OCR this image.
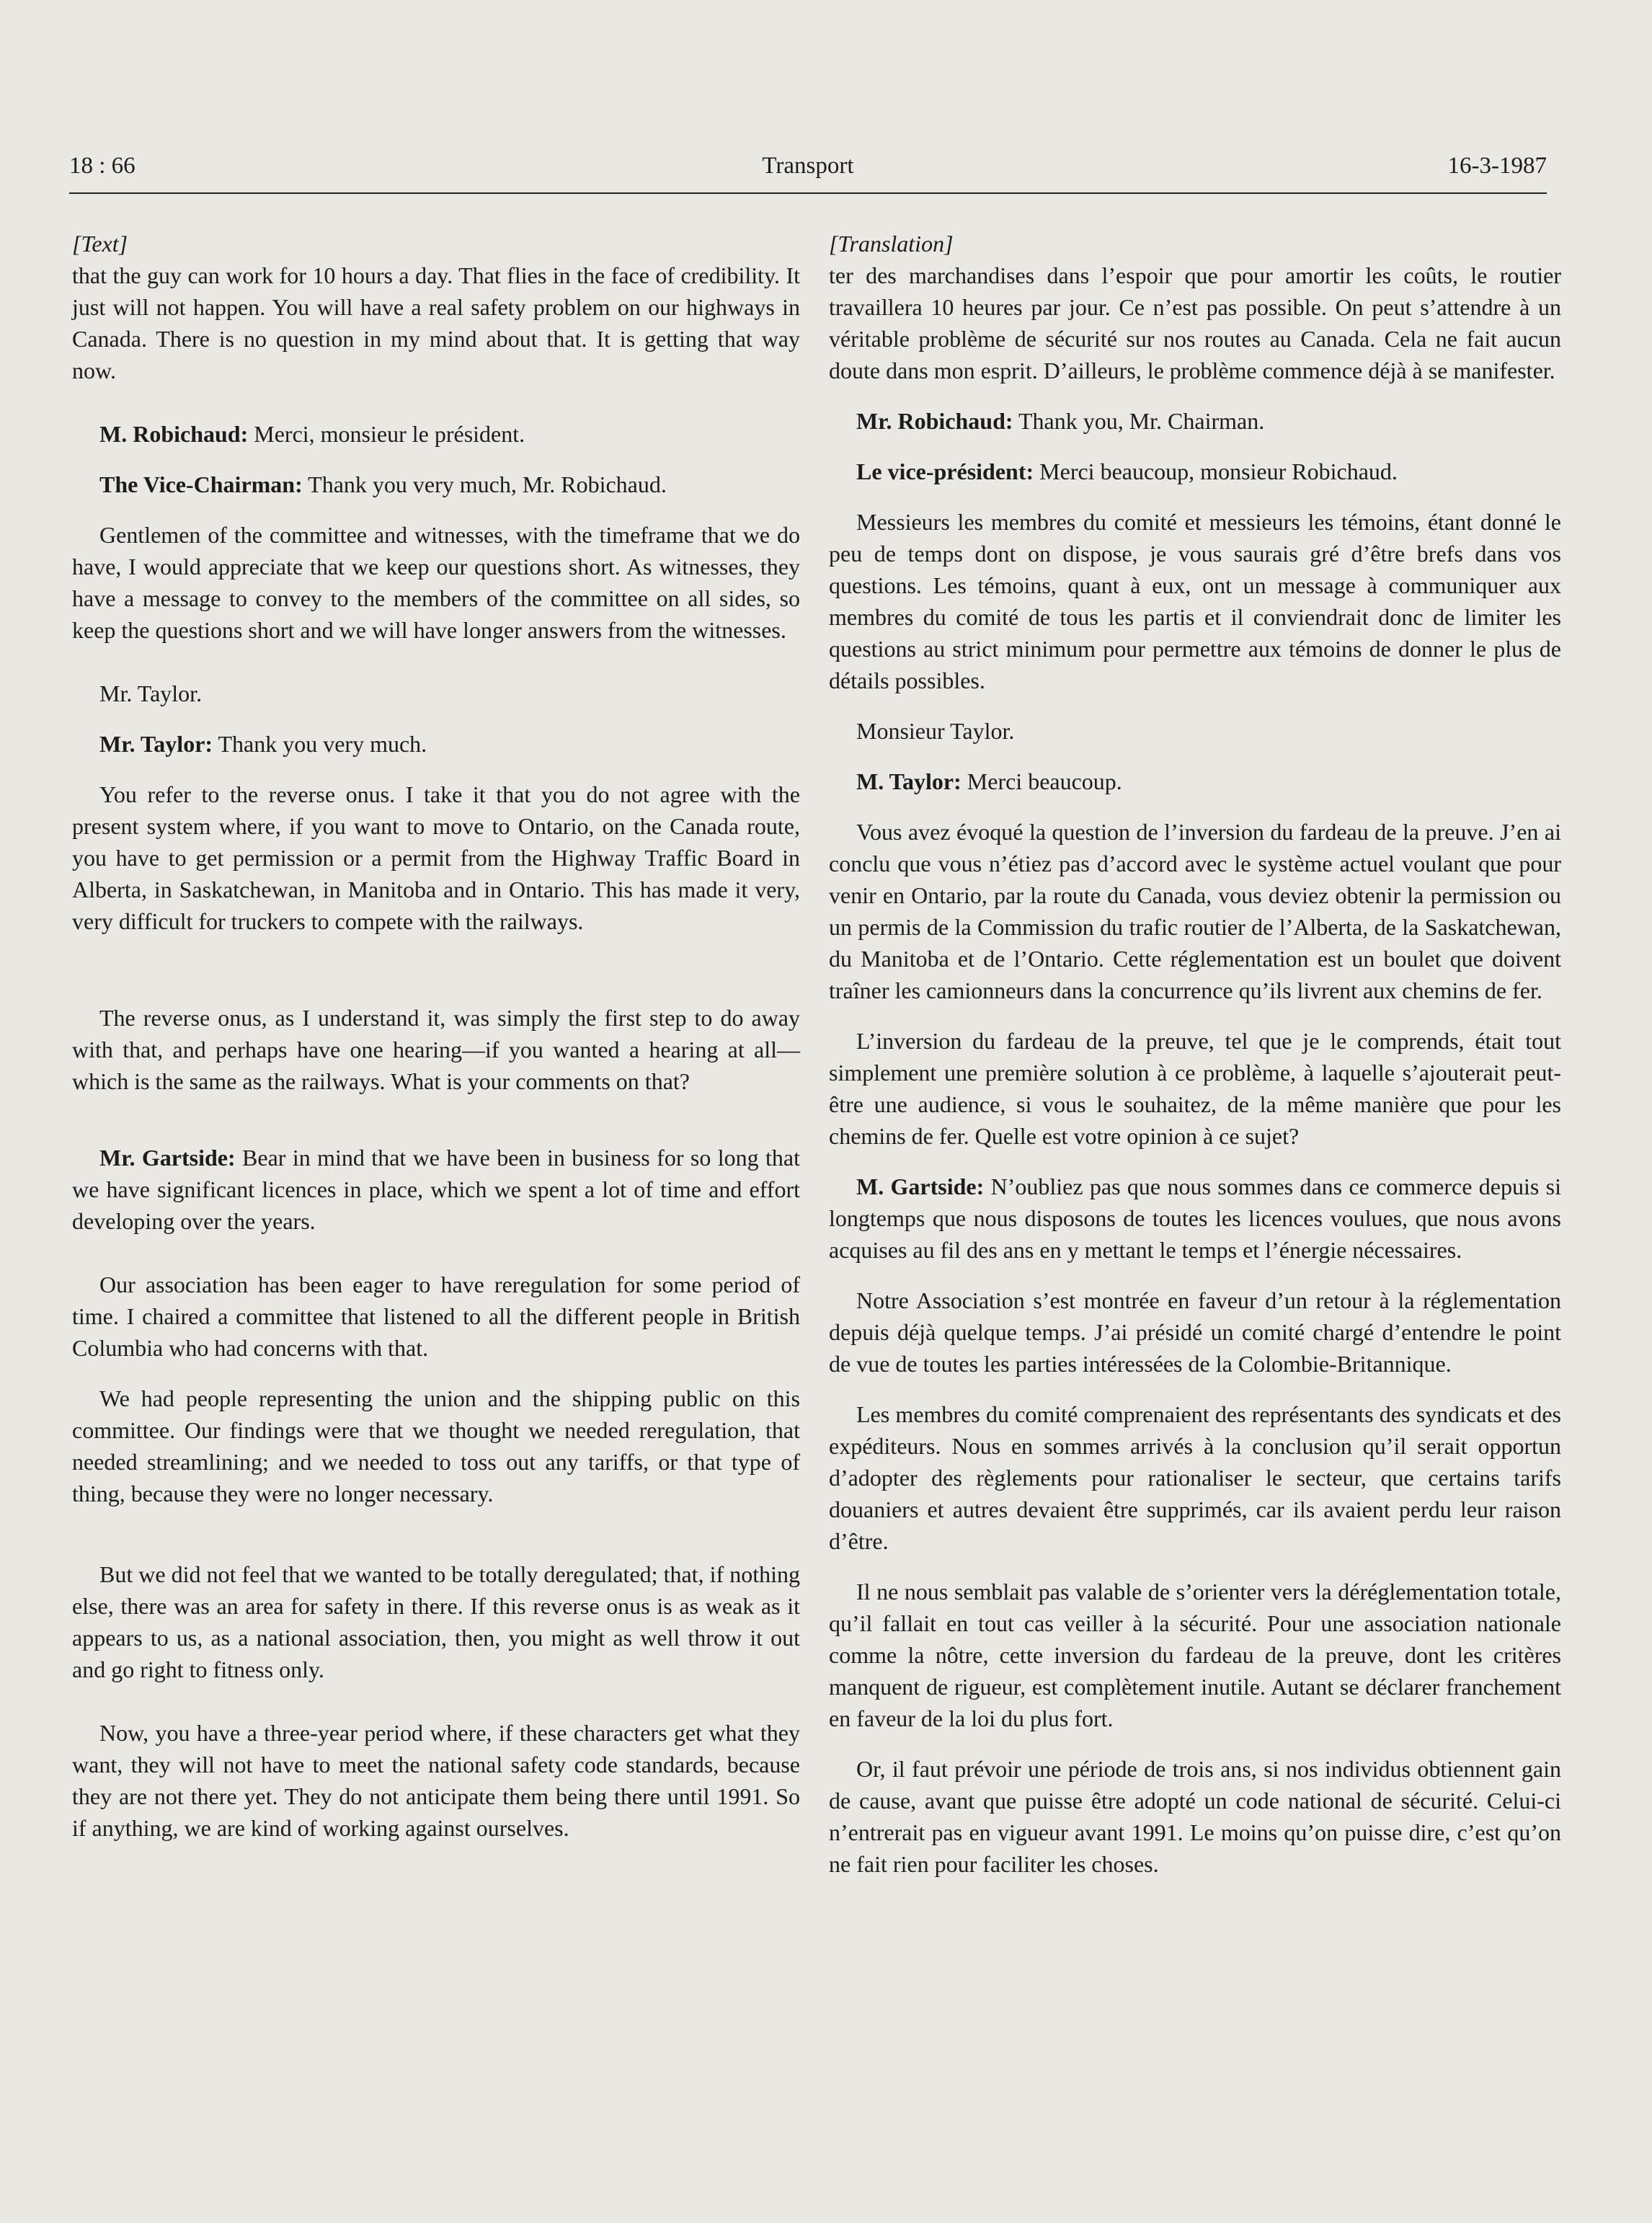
18 : 66	Transport	16-3-1987

[Text]

that the guy can work for 10 hours a day. That flies in the face of credibility. It just will not happen. You will have a real safety problem on our highways in Canada. There is no question in my mind about that. It is getting that way now.

M. Robichaud: Merci, monsieur le président.

The Vice-Chairman: Thank you very much, Mr. Robichaud.

Gentlemen of the committee and witnesses, with the timeframe that we do have, I would appreciate that we keep our questions short. As witnesses, they have a message to convey to the members of the committee on all sides, so keep the questions short and we will have longer answers from the witnesses.

Mr. Taylor.

Mr. Taylor: Thank you very much.

You refer to the reverse onus. I take it that you do not agree with the present system where, if you want to move to Ontario, on the Canada route, you have to get permission or a permit from the Highway Traffic Board in Alberta, in Saskatchewan, in Manitoba and in Ontario. This has made it very, very difficult for truckers to compete with the railways.

The reverse onus, as I understand it, was simply the first step to do away with that, and perhaps have one hearing—if you wanted a hearing at all—which is the same as the railways. What is your comments on that?

Mr. Gartside: Bear in mind that we have been in business for so long that we have significant licences in place, which we spent a lot of time and effort developing over the years.

Our association has been eager to have reregulation for some period of time. I chaired a committee that listened to all the different people in British Columbia who had concerns with that.

We had people representing the union and the shipping public on this committee. Our findings were that we thought we needed reregulation, that needed streamlining; and we needed to toss out any tariffs, or that type of thing, because they were no longer necessary.

But we did not feel that we wanted to be totally deregulated; that, if nothing else, there was an area for safety in there. If this reverse onus is as weak as it appears to us, as a national association, then, you might as well throw it out and go right to fitness only.

Now, you have a three-year period where, if these characters get what they want, they will not have to meet the national safety code standards, because they are not there yet. They do not anticipate them being there until 1991. So if anything, we are kind of working against ourselves.

[Translation]

ter des marchandises dans l’espoir que pour amortir les coûts, le routier travaillera 10 heures par jour. Ce n’est pas possible. On peut s’attendre à un véritable problème de sécurité sur nos routes au Canada. Cela ne fait aucun doute dans mon esprit. D’ailleurs, le problème commence déjà à se manifester.

Mr. Robichaud: Thank you, Mr. Chairman.

Le vice-président: Merci beaucoup, monsieur Robichaud.

Messieurs les membres du comité et messieurs les témoins, étant donné le peu de temps dont on dispose, je vous saurais gré d’être brefs dans vos questions. Les témoins, quant à eux, ont un message à communiquer aux membres du comité de tous les partis et il conviendrait donc de limiter les questions au strict minimum pour permettre aux témoins de donner le plus de détails possibles.

Monsieur Taylor.

M. Taylor: Merci beaucoup.

Vous avez évoqué la question de l’inversion du fardeau de la preuve. J’en ai conclu que vous n’étiez pas d’accord avec le système actuel voulant que pour venir en Ontario, par la route du Canada, vous deviez obtenir la permission ou un permis de la Commission du trafic routier de l’Alberta, de la Saskatchewan, du Manitoba et de l’Ontario. Cette réglementation est un boulet que doivent traîner les camionneurs dans la concurrence qu’ils livrent aux chemins de fer.

L’inversion du fardeau de la preuve, tel que je le comprends, était tout simplement une première solution à ce problème, à laquelle s’ajouterait peut-être une audience, si vous le souhaitez, de la même manière que pour les chemins de fer. Quelle est votre opinion à ce sujet?

M. Gartside: N’oubliez pas que nous sommes dans ce commerce depuis si longtemps que nous disposons de toutes les licences voulues, que nous avons acquises au fil des ans en y mettant le temps et l’énergie nécessaires.

Notre Association s’est montrée en faveur d’un retour à la réglementation depuis déjà quelque temps. J’ai présidé un comité chargé d’entendre le point de vue de toutes les parties intéressées de la Colombie-Britannique.

Les membres du comité comprenaient des représentants des syndicats et des expéditeurs. Nous en sommes arrivés à la conclusion qu’il serait opportun d’adopter des règlements pour rationaliser le secteur, que certains tarifs douaniers et autres devaient être supprimés, car ils avaient perdu leur raison d’être.

Il ne nous semblait pas valable de s’orienter vers la déréglementation totale, qu’il fallait en tout cas veiller à la sécurité. Pour une association nationale comme la nôtre, cette inversion du fardeau de la preuve, dont les critères manquent de rigueur, est complètement inutile. Autant se déclarer franchement en faveur de la loi du plus fort.

Or, il faut prévoir une période de trois ans, si nos individus obtiennent gain de cause, avant que puisse être adopté un code national de sécurité. Celui-ci n’entrerait pas en vigueur avant 1991. Le moins qu’on puisse dire, c’est qu’on ne fait rien pour faciliter les choses.
